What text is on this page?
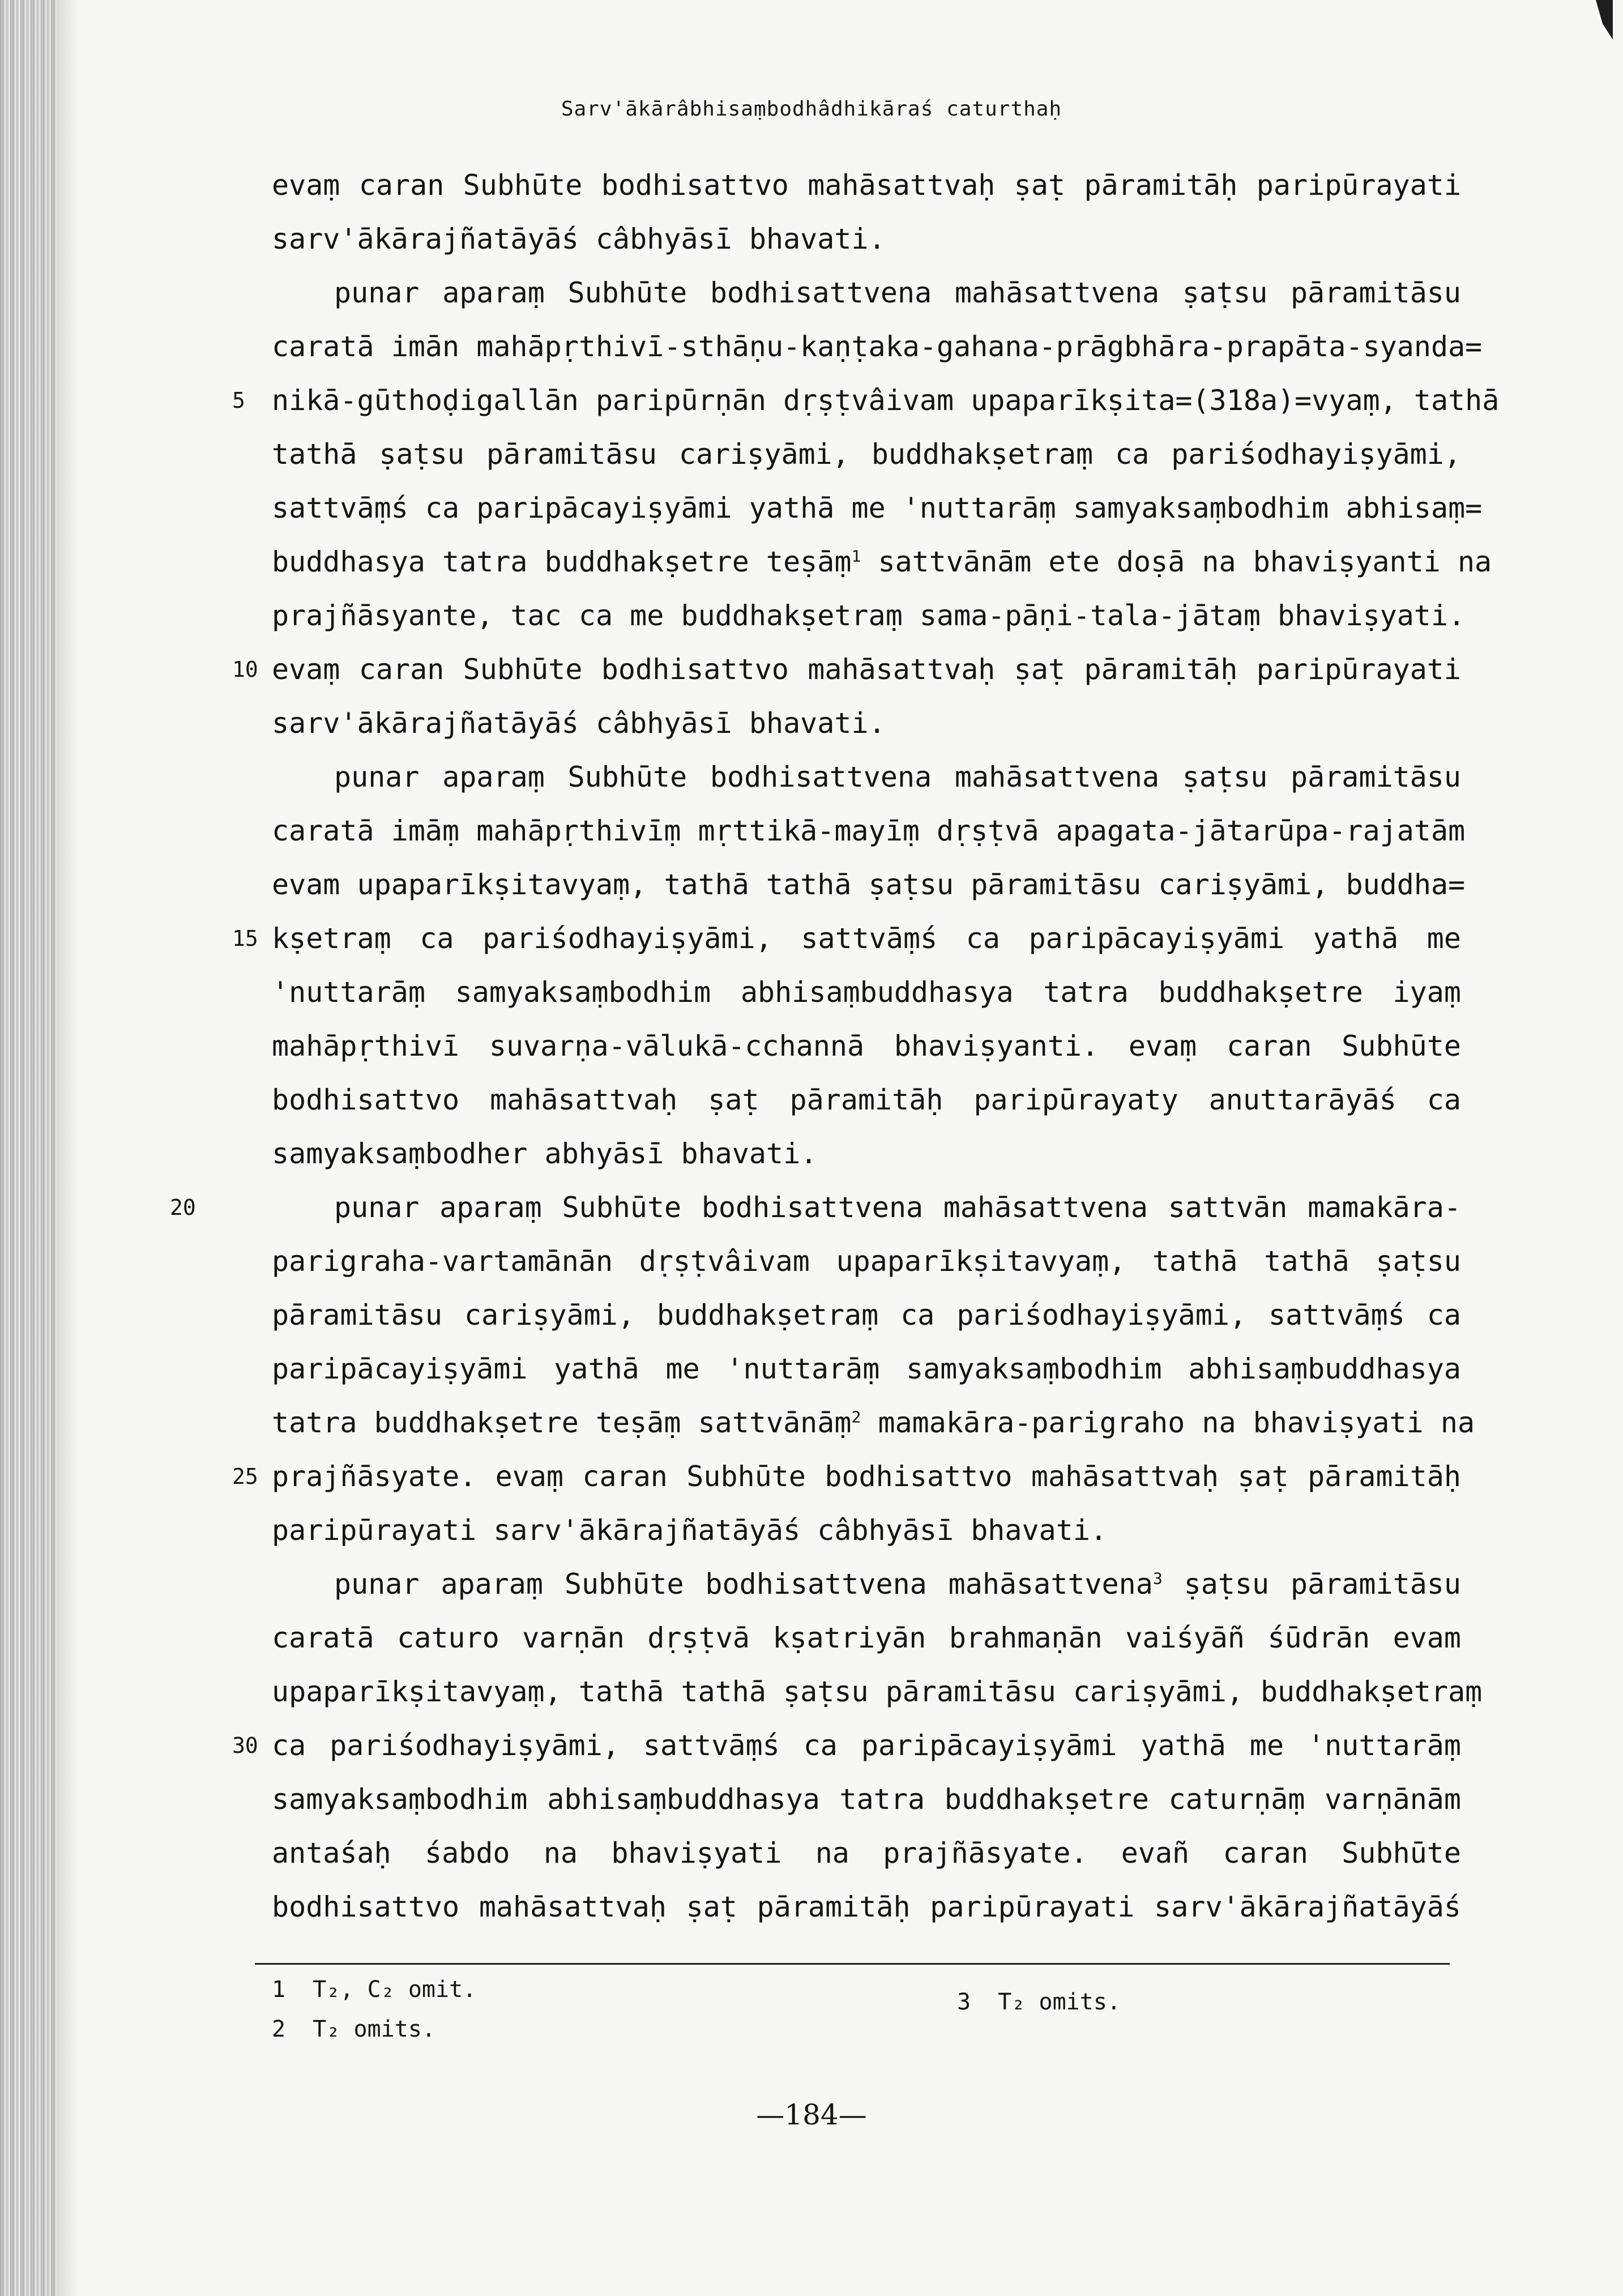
Sarv'ākārâbhisaṃbodhâdhikāraś caturthaḥ
evaṃ caran Subhūte bodhisattvo mahāsattvaḥ ṣaṭ pāramitāḥ paripūrayati
sarv'ākārajñatāyāś câbhyāsī bhavati.
punar aparaṃ Subhūte bodhisattvena mahāsattvena ṣaṭsu pāramitāsu
caratā imān mahāpṛthivī-sthāṇu-kaṇṭaka-gahana-prāgbhāra-prapāta-syanda=
5 nikā-gūthoḍigallān paripūrṇān dṛṣṭvâivam upaparīkṣita=(318a)=vyaṃ, tathā
tathā ṣaṭsu pāramitāsu cariṣyāmi, buddhakṣetraṃ ca pariśodhayiṣyāmi,
sattvāṃś ca paripācayiṣyāmi yathā me 'nuttarāṃ samyaksaṃbodhim abhisaṃ=
buddhasya tatra buddhakṣetre teṣāṃ$^1$ sattvānām ete doṣā na bhaviṣyanti na
prajñāsyante, tac ca me buddhakṣetraṃ sama-pāṇi-tala-jātaṃ bhaviṣyati.
10 evaṃ caran Subhūte bodhisattvo mahāsattvaḥ ṣaṭ pāramitāḥ paripūrayati
sarv'ākārajñatāyāś câbhyāsī bhavati.
punar aparaṃ Subhūte bodhisattvena mahāsattvena ṣaṭsu pāramitāsu
caratā imāṃ mahāpṛthivīṃ mṛttikā-mayīṃ dṛṣṭvā apagata-jātarūpa-rajatām
evam upaparīkṣitavyaṃ, tathā tathā ṣaṭsu pāramitāsu cariṣyāmi, buddha=
15 kṣetraṃ ca pariśodhayiṣyāmi, sattvāṃś ca paripācayiṣyāmi yathā me
'nuttarāṃ samyaksaṃbodhim abhisaṃbuddhasya tatra buddhakṣetre iyaṃ
mahāpṛthivī suvarṇa-vālukā-cchannā bhaviṣyanti. evaṃ caran Subhūte
bodhisattvo mahāsattvaḥ ṣaṭ pāramitāḥ paripūrayaty anuttarāyāś ca
samyaksaṃbodher abhyāsī bhavati.
20	punar aparaṃ Subhūte bodhisattvena mahāsattvena sattvān mamakāra-
parigraha-vartamānān dṛṣṭvâivam upaparīkṣitavyaṃ, tathā tathā ṣaṭsu
pāramitāsu cariṣyāmi, buddhakṣetraṃ ca pariśodhayiṣyāmi, sattvāṃś ca
paripācayiṣyāmi yathā me 'nuttarāṃ samyaksaṃbodhim abhisaṃbuddhasya
tatra buddhakṣetre teṣāṃ sattvānāṃ$^2$ mamakāra-parigraho na bhaviṣyati na
25 prajñāsyate. evaṃ caran Subhūte bodhisattvo mahāsattvaḥ ṣaṭ pāramitāḥ
paripūrayati sarv'ākārajñatāyāś câbhyāsī bhavati.
punar aparaṃ Subhūte bodhisattvena mahāsattvena$^3$ ṣaṭsu pāramitāsu
caratā caturo varṇān dṛṣṭvā kṣatriyān brahmaṇān vaiśyāñ śūdrān evam
upaparīkṣitavyaṃ, tathā tathā ṣaṭsu pāramitāsu cariṣyāmi, buddhakṣetraṃ
30 ca pariśodhayiṣyāmi, sattvāṃś ca paripācayiṣyāmi yathā me 'nuttarāṃ
samyaksaṃbodhim abhisaṃbuddhasya tatra buddhakṣetre caturṇāṃ varṇānām
antaśaḥ śabdo na bhaviṣyati na prajñāsyate. evañ caran Subhūte
bodhisattvo mahāsattvaḥ ṣaṭ pāramitāḥ paripūrayati sarv'ākārajñatāyāś
1 T₂, C₂ omit.
2 T₂ omits.
3 T₂ omits.
—184—
